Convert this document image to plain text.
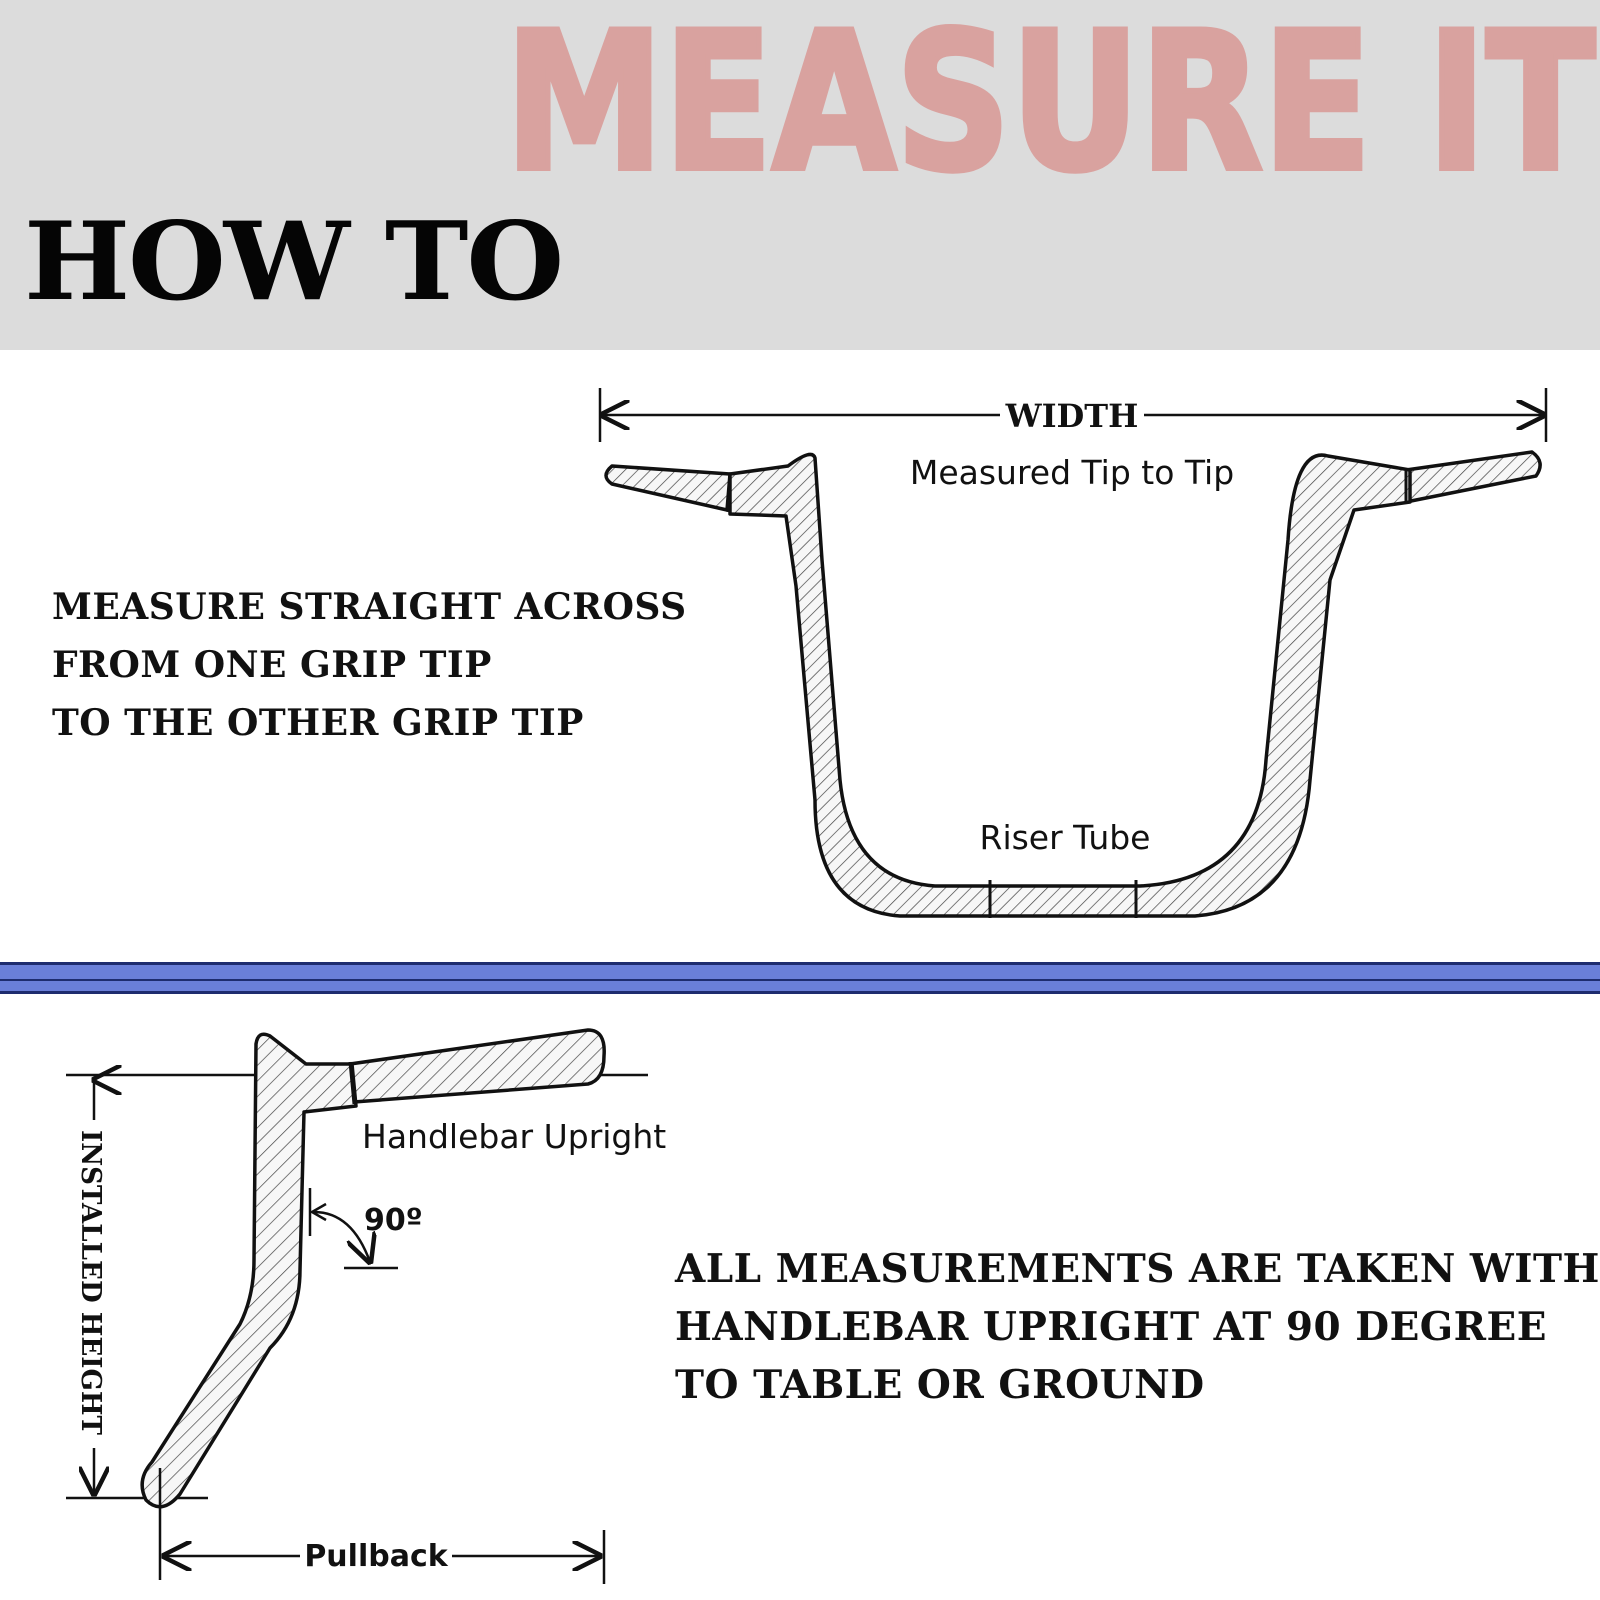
MEASURE IT
HOW TO
MEASURE STRAIGHT ACROSS
FROM ONE GRIP TIP
TO THE OTHER GRIP TIP
WIDTH
Measured Tip to Tip
Riser Tube
Handlebar Upright
90º
INSTALLED HEIGHT
Pullback
ALL MEASUREMENTS ARE TAKEN WITH
HANDLEBAR UPRIGHT AT 90 DEGREE
TO TABLE OR GROUND
